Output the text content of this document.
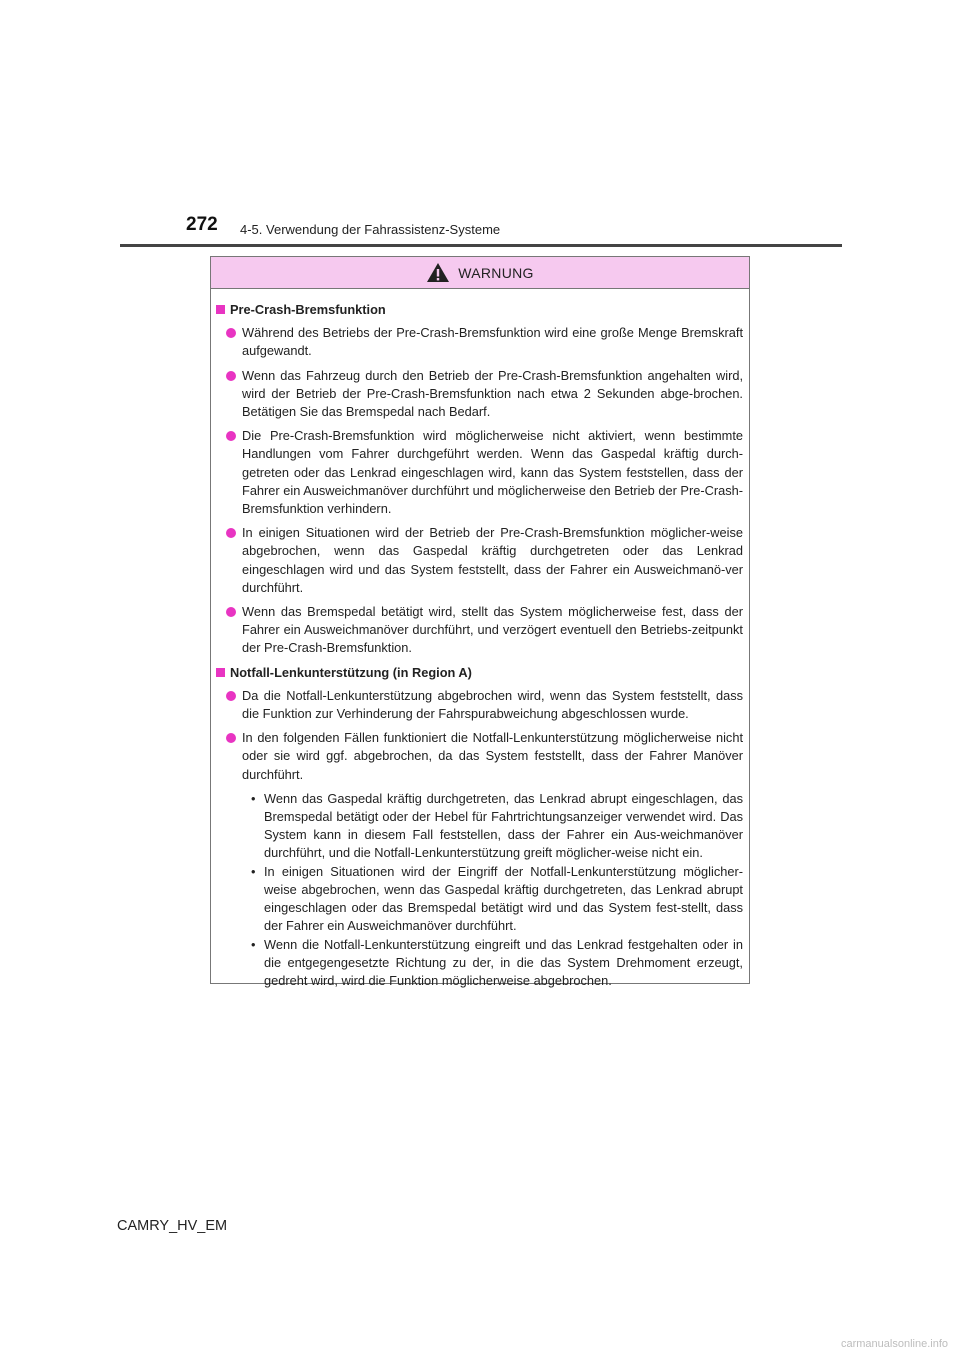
272 4-5. Verwendung der Fahrassistenz-Systeme
WARNUNG
Pre-Crash-Bremsfunktion
Während des Betriebs der Pre-Crash-Bremsfunktion wird eine große Menge Bremskraft aufgewandt.
Wenn das Fahrzeug durch den Betrieb der Pre-Crash-Bremsfunktion angehalten wird, wird der Betrieb der Pre-Crash-Bremsfunktion nach etwa 2 Sekunden abge-brochen. Betätigen Sie das Bremspedal nach Bedarf.
Die Pre-Crash-Bremsfunktion wird möglicherweise nicht aktiviert, wenn bestimmte Handlungen vom Fahrer durchgeführt werden. Wenn das Gaspedal kräftig durch-getreten oder das Lenkrad eingeschlagen wird, kann das System feststellen, dass der Fahrer ein Ausweichmanöver durchführt und möglicherweise den Betrieb der Pre-Crash-Bremsfunktion verhindern.
In einigen Situationen wird der Betrieb der Pre-Crash-Bremsfunktion möglicher-weise abgebrochen, wenn das Gaspedal kräftig durchgetreten oder das Lenkrad eingeschlagen wird und das System feststellt, dass der Fahrer ein Ausweichmanö-ver durchführt.
Wenn das Bremspedal betätigt wird, stellt das System möglicherweise fest, dass der Fahrer ein Ausweichmanöver durchführt, und verzögert eventuell den Betriebs-zeitpunkt der Pre-Crash-Bremsfunktion.
Notfall-Lenkunterstützung (in Region A)
Da die Notfall-Lenkunterstützung abgebrochen wird, wenn das System feststellt, dass die Funktion zur Verhinderung der Fahrspurabweichung abgeschlossen wurde.
In den folgenden Fällen funktioniert die Notfall-Lenkunterstützung möglicherweise nicht oder sie wird ggf. abgebrochen, da das System feststellt, dass der Fahrer Manöver durchführt.
• Wenn das Gaspedal kräftig durchgetreten, das Lenkrad abrupt eingeschlagen, das Bremspedal betätigt oder der Hebel für Fahrtrichtungsanzeiger verwendet wird. Das System kann in diesem Fall feststellen, dass der Fahrer ein Aus-weichmanöver durchführt, und die Notfall-Lenkunterstützung greift möglicher-weise nicht ein.
• In einigen Situationen wird der Eingriff der Notfall-Lenkunterstützung möglicher-weise abgebrochen, wenn das Gaspedal kräftig durchgetreten, das Lenkrad abrupt eingeschlagen oder das Bremspedal betätigt wird und das System fest-stellt, dass der Fahrer ein Ausweichmanöver durchführt.
• Wenn die Notfall-Lenkunterstützung eingreift und das Lenkrad festgehalten oder in die entgegengesetzte Richtung zu der, in die das System Drehmoment erzeugt, gedreht wird, wird die Funktion möglicherweise abgebrochen.
CAMRY_HV_EM
carmanualsonline.info
